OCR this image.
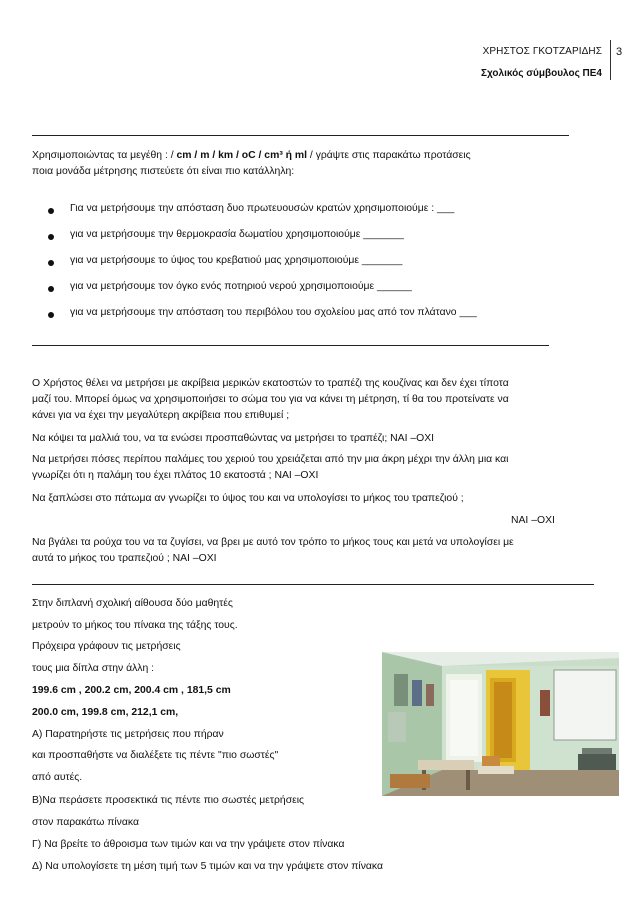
ΧΡΗΣΤΟΣ ΓΚΟΤΖΑΡΙΔΗΣ
Σχολικός σύμβουλος ΠΕ4
3
Χρησιμοποιώντας τα μεγέθη : / cm / m / km / oC / cm³ ή ml / γράψτε στις παρακάτω προτάσεις
ποια μονάδα μέτρησης πιστεύετε ότι είναι πιο κατάλληλη:
Για να μετρήσουμε την απόσταση δυο πρωτευουσών κρατών χρησιμοποιούμε : ___
για να μετρήσουμε την θερμοκρασία δωματίου χρησιμοποιούμε _______
για να μετρήσουμε το ύψος του κρεβατιού μας χρησιμοποιούμε _______
για να μετρήσουμε τον όγκο ενός ποτηριού νερού χρησιμοποιούμε ______
για να μετρήσουμε την απόσταση του περιβόλου του σχολείου μας από τον πλάτανο ___
Ο Χρήστος θέλει να μετρήσει με ακρίβεια μερικών εκατοστών το τραπέζι της κουζίνας και δεν έχει τίποτα
μαζί του. Μπορεί όμως να χρησιμοποιήσει το σώμα του για να κάνει τη μέτρηση, τί θα του προτείνατε να
κάνει για να έχει την μεγαλύτερη ακρίβεια που επιθυμεί ;
Να κόψει τα μαλλιά του, να τα ενώσει προσπαθώντας να μετρήσει το τραπέζι; ΝΑΙ –ΟΧΙ
Να μετρήσει πόσες περίπου παλάμες του χεριού του χρειάζεται από την μια άκρη μέχρι την άλλη μια και
γνωρίζει ότι η παλάμη του έχει πλάτος 10 εκατοστά ; ΝΑΙ –ΟΧΙ
Να ξαπλώσει στο πάτωμα αν γνωρίζει το ύψος του και να υπολογίσει το μήκος του τραπεζιού ;
ΝΑΙ –ΟΧΙ
Να βγάλει τα ρούχα του να τα ζυγίσει, να βρει με αυτό τον τρόπο το μήκος τους και μετά να υπολογίσει με
αυτά το μήκος του τραπεζιού ; ΝΑΙ –ΟΧΙ
Στην διπλανή σχολική αίθουσα δύο μαθητές
μετρούν το μήκος του πίνακα της τάξης τους.
Πρόχειρα γράφουν τις μετρήσεις
τους μια δίπλα στην άλλη :
199.6 cm , 200.2 cm, 200.4 cm , 181,5 cm
200.0 cm, 199.8 cm, 212,1 cm,
Α) Παρατηρήστε τις μετρήσεις που πήραν
και προσπαθήστε να διαλέξετε τις πέντε "πιο σωστές"
από αυτές.
Β)Να περάσετε προσεκτικά τις πέντε πιο σωστές μετρήσεις
στον παρακάτω πίνακα
Γ) Να βρείτε το άθροισμα των τιμών και να την γράψετε στον πίνακα
Δ) Να υπολογίσετε τη μέση τιμή των 5 τιμών και να την γράψετε στον πίνακα
